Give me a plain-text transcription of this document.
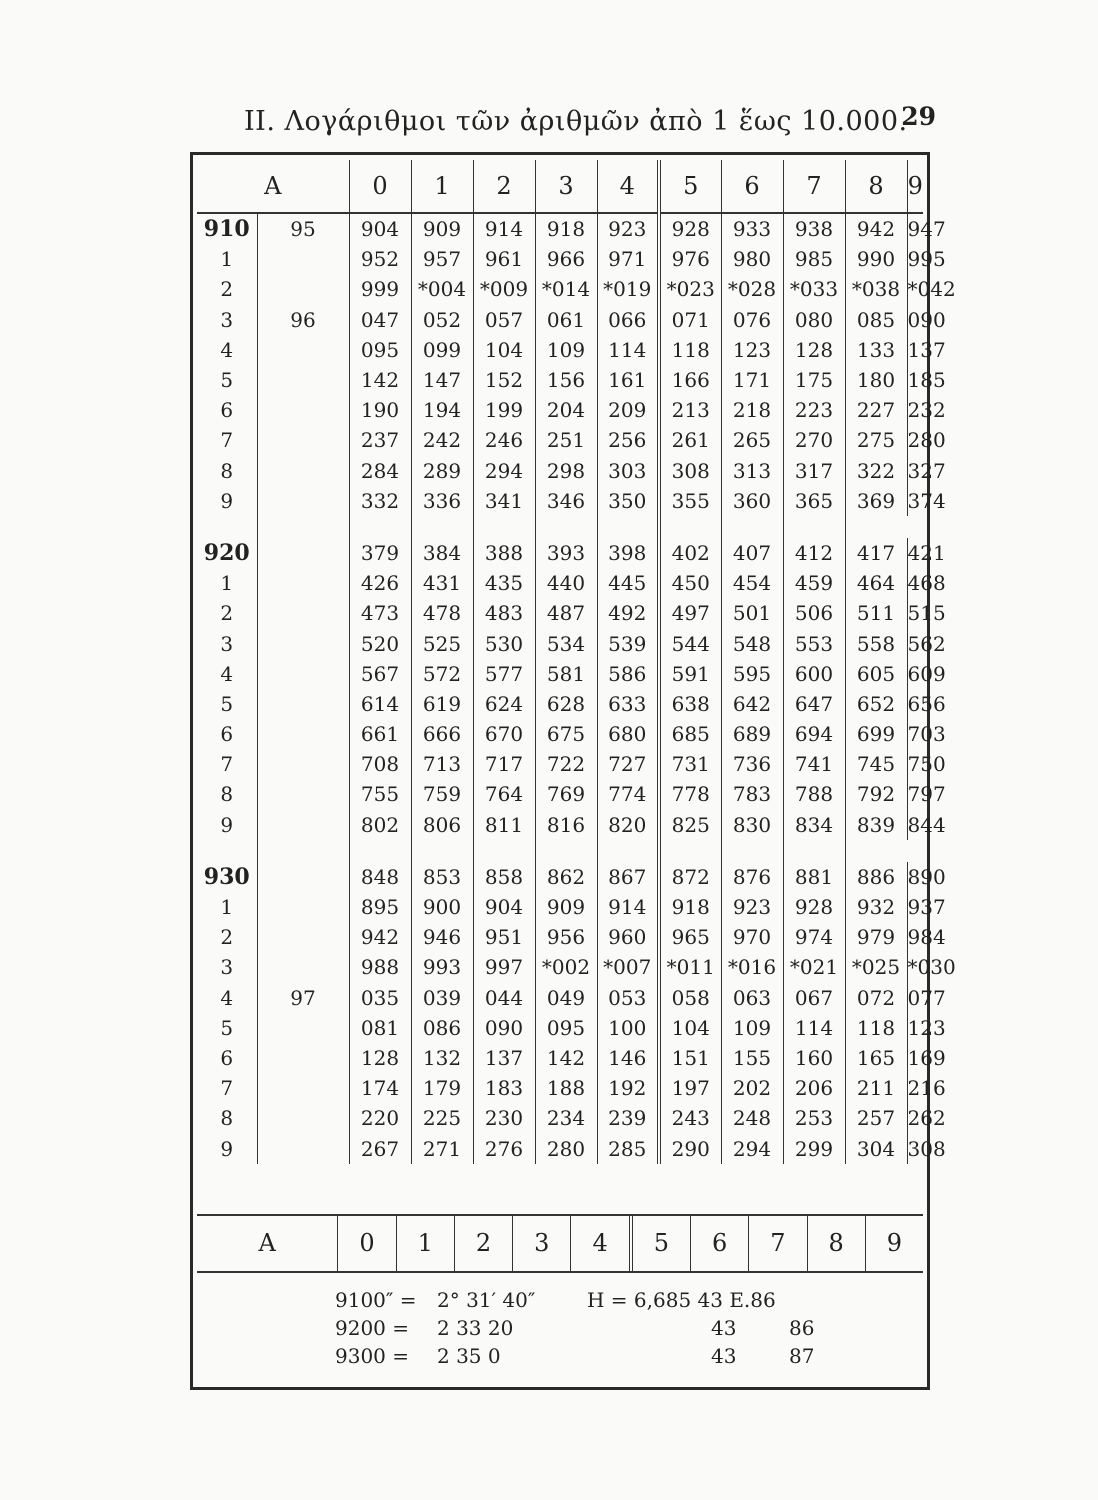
II. Λογάριθμοι τῶν ἀριθμῶν ἀπὸ 1 ἕως 10.000.
29
A		0	1	2	3	4	5	6	7	8	9
910	95	904	909	914	918	923	928	933	938	942	947
1		952	957	961	966	971	976	980	985	990	995
2		999	*004	*009	*014	*019	*023	*028	*033	*038	*042
3	96	047	052	057	061	066	071	076	080	085	090
4		095	099	104	109	114	118	123	128	133	137
5		142	147	152	156	161	166	171	175	180	185
6		190	194	199	204	209	213	218	223	227	232
7		237	242	246	251	256	261	265	270	275	280
8		284	289	294	298	303	308	313	317	322	327
9		332	336	341	346	350	355	360	365	369	374

920		379	384	388	393	398	402	407	412	417	421
1		426	431	435	440	445	450	454	459	464	468
2		473	478	483	487	492	497	501	506	511	515
3		520	525	530	534	539	544	548	553	558	562
4		567	572	577	581	586	591	595	600	605	609
5		614	619	624	628	633	638	642	647	652	656
6		661	666	670	675	680	685	689	694	699	703
7		708	713	717	722	727	731	736	741	745	750
8		755	759	764	769	774	778	783	788	792	797
9		802	806	811	816	820	825	830	834	839	844

930		848	853	858	862	867	872	876	881	886	890
1		895	900	904	909	914	918	923	928	932	937
2		942	946	951	956	960	965	970	974	979	984
3		988	993	997	*002	*007	*011	*016	*021	*025	*030
4	97	035	039	044	049	053	058	063	067	072	077
5		081	086	090	095	100	104	109	114	118	123
6		128	132	137	142	146	151	155	160	165	169
7		174	179	183	188	192	197	202	206	211	216
8		220	225	230	234	239	243	248	253	257	262
9		267	271	276	280	285	290	294	299	304	308
A	0	1	2	3	4	5	6	7	8	9
9100″ = 2° 31′ 40″	H = 6,685 43 E.86
9200 = 2 33 20	43	86
9300 = 2 35 0	43	87
